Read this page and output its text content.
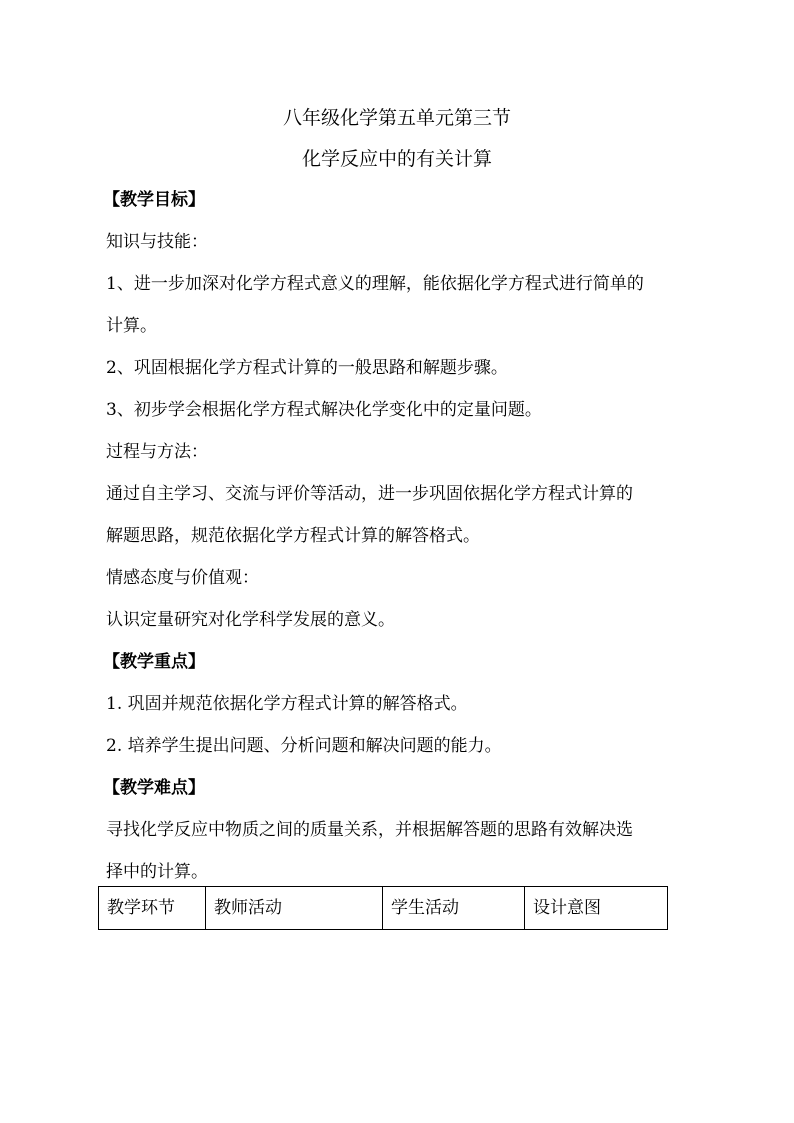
八年级化学第五单元第三节
化学反应中的有关计算
【教学目标】
知识与技能：
1、进一步加深对化学方程式意义的理解，能依据化学方程式进行简单的
计算。
2、巩固根据化学方程式计算的一般思路和解题步骤。
3、初步学会根据化学方程式解决化学变化中的定量问题。
过程与方法：
通过自主学习、交流与评价等活动，进一步巩固依据化学方程式计算的
解题思路，规范依据化学方程式计算的解答格式。
情感态度与价值观：
认识定量研究对化学科学发展的意义。
【教学重点】
1. 巩固并规范依据化学方程式计算的解答格式。
2. 培养学生提出问题、分析问题和解决问题的能力。
【教学难点】
寻找化学反应中物质之间的质量关系，并根据解答题的思路有效解决选
择中的计算。
教学环节	教师活动	学生活动	设计意图
